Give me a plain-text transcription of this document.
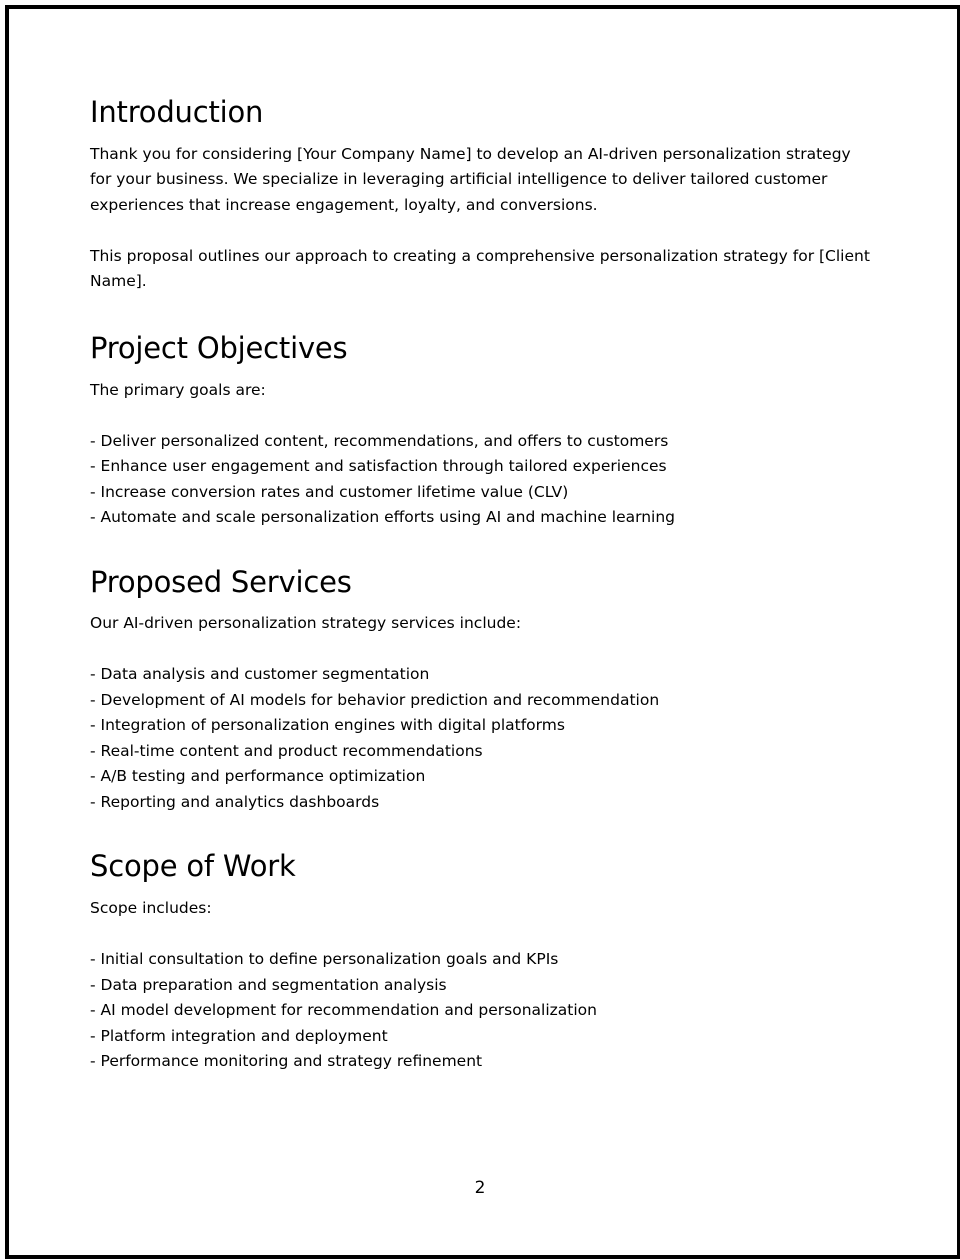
Introduction

Thank you for considering [Your Company Name] to develop an AI-driven personalization strategy for your business. We specialize in leveraging artificial intelligence to deliver tailored customer experiences that increase engagement, loyalty, and conversions.

This proposal outlines our approach to creating a comprehensive personalization strategy for [Client Name].

Project Objectives

The primary goals are:

- Deliver personalized content, recommendations, and offers to customers
- Enhance user engagement and satisfaction through tailored experiences
- Increase conversion rates and customer lifetime value (CLV)
- Automate and scale personalization efforts using AI and machine learning
Proposed Services

Our AI-driven personalization strategy services include:

- Data analysis and customer segmentation
- Development of AI models for behavior prediction and recommendation
- Integration of personalization engines with digital platforms
- Real-time content and product recommendations
- A/B testing and performance optimization
- Reporting and analytics dashboards
Scope of Work

Scope includes:

- Initial consultation to define personalization goals and KPIs
- Data preparation and segmentation analysis
- AI model development for recommendation and personalization
- Platform integration and deployment
- Performance monitoring and strategy refinement
2
